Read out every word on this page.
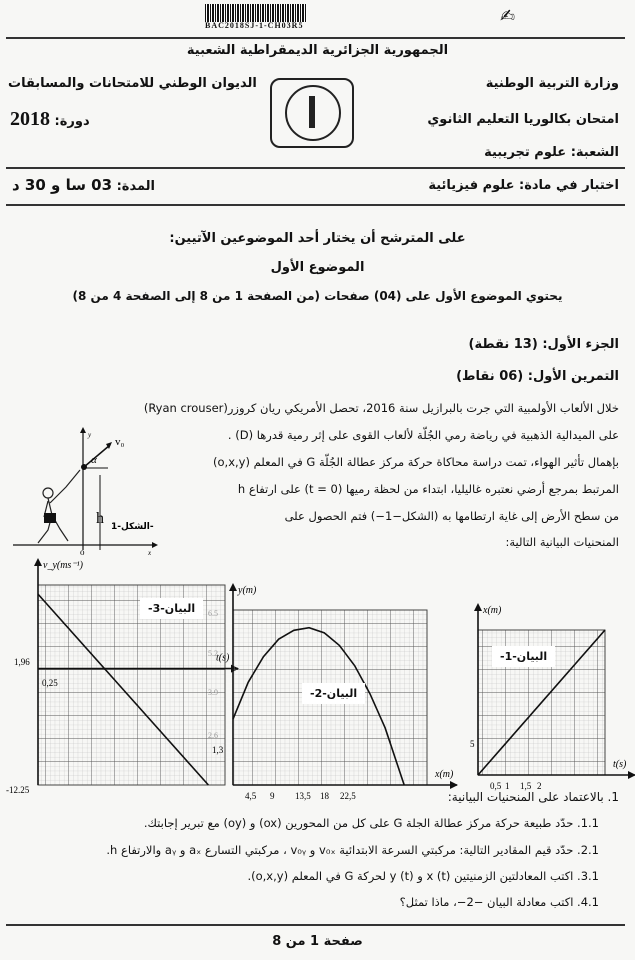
BAC2018SJ-1-CH03R5	✍
الجمهورية الجزائرية الديمقراطية الشعبية
وزارة التربية الوطنية
الديوان الوطني للامتحانات والمسابقات
امتحان بكالوريا التعليم الثانوي
دورة: 2018
الشعبة: علوم تجريبية
اختبار في مادة: علوم فيزيائية
المدة: 03 سا و 30 د
على المترشح أن يختار أحد الموضوعين الآتيين:
الموضوع الأول
يحتوي الموضوع الأول على (04) صفحات (من الصفحة 1 من 8 إلى الصفحة 4 من 8)
الجزء الأول: (13 نقطة)
التمرين الأول: (06 نقاط)
خلال الألعاب الأولمبية التي جرت بالبرازيل سنة 2016، تحصل الأمريكي ريان كروزر(Ryan crouser)
على الميدالية الذهبية في رياضة رمي الجُلّة لألعاب القوى على إثر رمية قدرها (D) .
بإهمال تأثير الهواء، تمت دراسة محاكاة حركة مركز عطالة الجُلّة G في المعلم (o,x,y)
المرتبط بمرجع أرضي نعتبره غاليليا، ابتداء من لحظة رميها (t = 0) على ارتفاع h
من سطح الأرض إلى غاية ارتطامها به (الشكل−1−) فتم الحصول على
المنحنيات البيانية التالية:
h
v₀
α
o	x
y
الشكل-1-
v_y(ms⁻¹)
t(s)
y(m)
x(m)
x(m)
t(s)
1,96
-12.25
0,25
4,5 9 13,5 18 22,5
1,3
6.5
5.2
3.9
2.6
0,5 1 1,5 2
5
البيان-3-
البيان-2-
البيان-1-
1. بالاعتماد على المنحنيات البيانية:
1.1. حدّد طبيعة حركة مركز عطالة الجلة G على كل من المحورين (ox) و (oy) مع تبرير إجابتك.
2.1. حدّد قيم المقادير التالية: مركبتي السرعة الابتدائية v₀ₓ و v₀ᵧ ، مركبتي التسارع aₓ و aᵧ والارتفاع h.
3.1. اكتب المعادلتين الزمنيتين x (t) و y (t) لحركة G في المعلم (o,x,y).
4.1. اكتب معادلة البيان −2−، ماذا تمثل؟
صفحة 1 من 8
